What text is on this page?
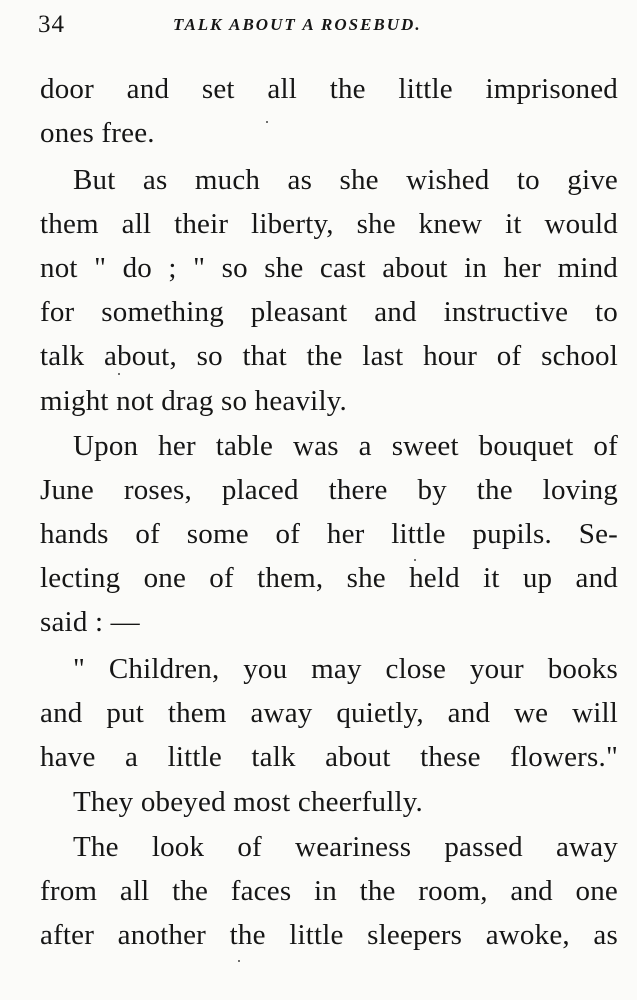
34	TALK ABOUT A ROSEBUD.
door and set all the little imprisoned
ones free.
But as much as she wished to give
them all their liberty, she knew it would
not " do ; " so she cast about in her mind
for something pleasant and instructive to
talk about, so that the last hour of school
might not drag so heavily.
Upon her table was a sweet bouquet of
June roses, placed there by the loving
hands of some of her little pupils. Se-
lecting one of them, she held it up and
said : —
" Children, you may close your books
and put them away quietly, and we will
have a little talk about these flowers."
They obeyed most cheerfully.
The look of weariness passed away
from all the faces in the room, and one
after another the little sleepers awoke, as
